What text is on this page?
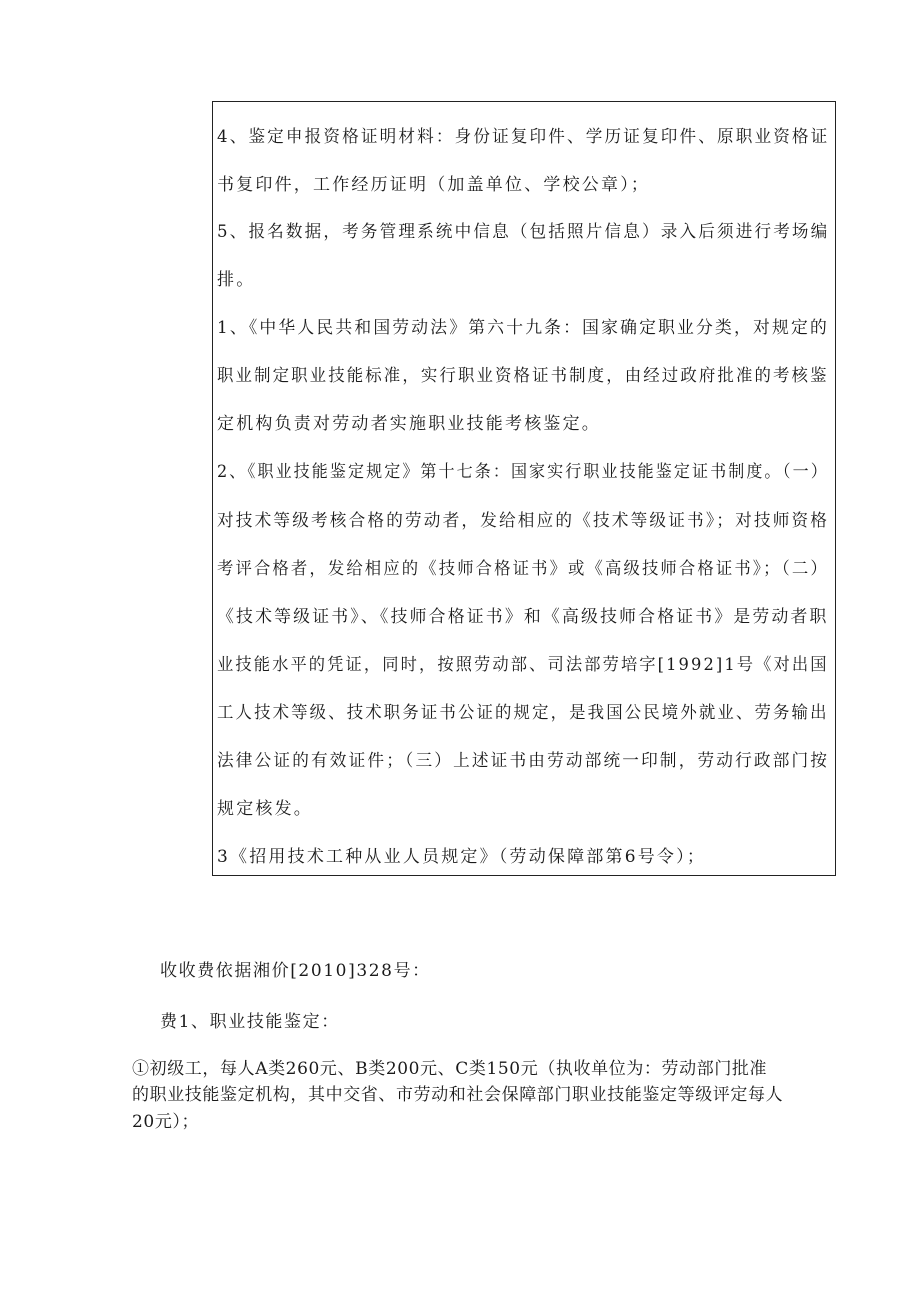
4、鉴定申报资格证明材料：身份证复印件、学历证复印件、原职业资格证
书复印件，工作经历证明（加盖单位、学校公章）；
5、报名数据，考务管理系统中信息（包括照片信息）录入后须进行考场编
排。
1、《中华人民共和国劳动法》第六十九条：国家确定职业分类，对规定的
职业制定职业技能标准，实行职业资格证书制度，由经过政府批准的考核鉴
定机构负责对劳动者实施职业技能考核鉴定。
2、《职业技能鉴定规定》第十七条：国家实行职业技能鉴定证书制度。（一）
对技术等级考核合格的劳动者，发给相应的《技术等级证书》；对技师资格
考评合格者，发给相应的《技师合格证书》或《高级技师合格证书》；（二）
《技术等级证书》、《技师合格证书》和《高级技师合格证书》是劳动者职
业技能水平的凭证，同时，按照劳动部、司法部劳培字[1992]1号《对出国
工人技术等级、技术职务证书公证的规定，是我国公民境外就业、劳务输出
法律公证的有效证件；（三）上述证书由劳动部统一印制，劳动行政部门按
规定核发。
3《招用技术工种从业人员规定》（劳动保障部第6号令）；
收收费依据湘价[2010]328号：
费1、职业技能鉴定：
①初级工，每人A类260元、B类200元、C类150元（执收单位为：劳动部门批准
的职业技能鉴定机构，其中交省、市劳动和社会保障部门职业技能鉴定等级评定每人
20元）；
